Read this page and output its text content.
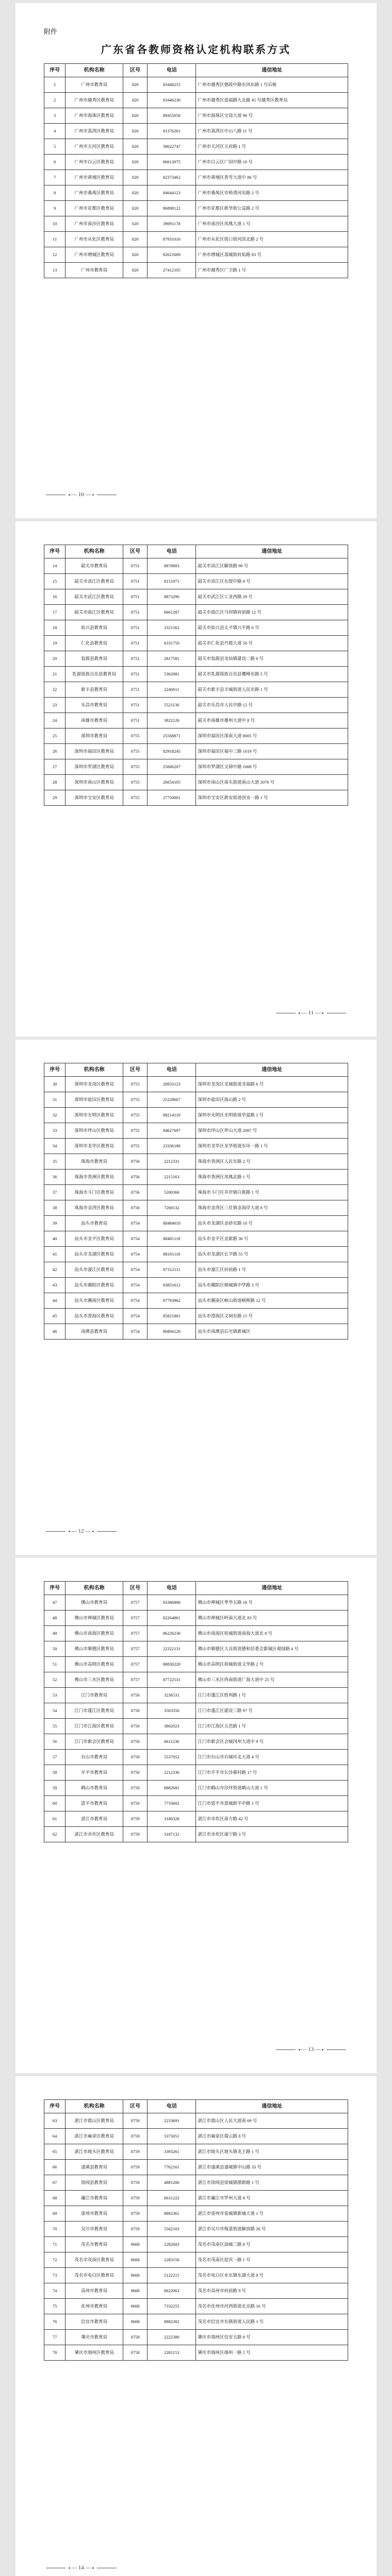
附件
广东省各教师资格认定机构联系方式
序号	机构名称	区号	电话	通信地址
1	广州市教育局	020	83448255	广州市越秀区德政中路东风东路 1 号后栋
2	广州市越秀区教育局	020	83446236	广州市越秀区盘福路大北路 45 号越秀区教育局
3	广州市海珠区教育局	020	89455058	广州市海珠区宝岗大道 90 号
4	广州市荔湾区教育局	020	81376261	广州市荔湾区中山八路 11 号
5	广州市天河区教育局	020	38622747	广州市天河区天府路 1 号
6	广州市白云区教育局	020	86613075	广州市白云区广园中路 16 号
7	广州市黄埔区教育局	020	82373462	广州市黄埔区香雪大道中 86 号
8	广州市番禺区教育局	020	84644123	广州市番禺区市桥清河东路 2 号
9	广州市花都区教育局	020	86898122	广州市花都区新华街公益路 2 号
10	广州市南沙区教育局	020	39091178	广州市南沙区凤凰大道 1 号
11	广州市从化区教育局	020	87931016	广州市从化区街口街河滨北路 2 号
12	广州市增城区教育局	020	82621669	广州市增城区荔城街府佑路 83 号
13	广州市教育局	020	27412105	广州市越秀区广卫路 1 号
— 10 —
序号	机构名称	区号	电话	通信地址
14	韶关市教育局	0751	8878803	韶关市浈江区解放路 90 号
15	韶关市浈江区教育局	0751	8151971	韶关市浈江区东堤中路 8 号
16	韶关市武江区教育局	0751	8873296	韶关市武江区工业西路 29 号
17	韶关市曲江区教育局	0751	6661287	韶关市曲江区马坝镇府前路 12 号
18	始兴县教育局	0751	3321562	韶关市始兴县太平镇兴平路 6 号
19	仁化县教育局	0751	6331750	韶关市仁化县丹霞大道 50 号
20	翁源县教育局	0751	2817581	韶关市翁源县龙仙镇建设二路 6 号
21	乳源瑶族自治县教育局	0751	5362081	韶关市乳源瑶族自治县鹰峰东路 5 号
22	新丰县教育局	0751	2246611	韶关市新丰县丰城街道人民东路 1 号
23	乐昌市教育局	0751	5521130	韶关市乐昌市人民中路 12 号
24	南雄市教育局	0751	3822126	韶关市南雄市雄州大道中 8 号
25	深圳市教育局	0755	25568871	深圳市福田区深南大道 8005 号
26	深圳市福田区教育局	0755	82918245	深圳市福田区福中三路 1019 号
27	深圳市罗湖区教育局	0755	25666207	深圳市罗湖区文锦中路 1008 号
28	深圳市南山区教育局	0755	26654105	深圳市南山区南头街道南山大道 2076 号
29	深圳市宝安区教育局	0755	27750001	深圳市宝安区新安街道创业一路 1 号
— 11 —
序号	机构名称	区号	电话	通信地址
30	深圳市龙岗区教育局	0755	28933123	深圳市龙岗区龙城街道龙福路 6 号
31	深圳市盐田区教育局	0755	25228667	深圳市盐田区海山路 2 号
32	深圳市光明区教育局	0755	88214110	深圳市光明区光明街道华夏路 1 号
33	深圳市坪山区教育局	0755	84627697	深圳市坪山区坪山大道 2007 号
34	深圳市龙华区教育局	0755	23336188	深圳市龙华区龙华街道东环一路 1 号
35	珠海市教育局	0756	2212331	珠海市香洲区人民东路 2 号
36	珠海市香洲区教育局	0756	2215163	珠海市香洲区凤凰北路 1 号
37	珠海市斗门区教育局	0756	5200366	珠海市斗门区井岸镇白蕉路 1 号
38	珠海市金湾区教育局	0756	7268132	珠海市金湾区三灶镇金海岸大道 8 号
39	汕头市教育局	0754	88484010	汕头市龙湖区金砂东路 10 号
40	汕头市金平区教育局	0754	88481118	汕头市金平区金新路 36 号
41	汕头市龙湖区教育局	0754	88181116	汕头市龙湖区长平路 55 号
42	汕头市濠江区教育局	0754	87312111	汕头市濠江区府前路 1 号
43	汕头市潮阳区教育局	0754	83831612	汕头市潮阳区棉城镇中华路 3 号
44	汕头市潮南区教育局	0754	87793962	汕头市潮南区峡山街道峡晖路 12 号
45	汕头市澄海区教育局	0754	85821881	汕头市澄海区文祠东路 15 号
46	南澳县教育局	0754	86804126	汕头市南澳县后宅镇新城区
— 12 —
序号	机构名称	区号	电话	通信地址
47	佛山市教育局	0757	83386806	佛山市禅城区季华五路 18 号
48	佛山市禅城区教育局	0757	82264861	佛山市禅城区岭南大道北 83 号
49	佛山市南海区教育局	0757	86226236	佛山市南海区桂城街道南海大道北 8 号
50	佛山市顺德区教育局	0757	22322131	佛山市顺德区大良街道德和居委会新城区观绿路 4 号
51	佛山市高明区教育局	0757	88830220	佛山市高明区荷城街道文华路 2 号
52	佛山市三水区教育局	0757	87722531	佛山市三水区西南街道广海大道中 25 号
53	江门市教育局	0750	3236531	江门市蓬江区胜利路 1 号
54	江门市蓬江区教育局	0750	3503356	江门市蓬江区建设三路 97 号
55	江门市江海区教育局	0750	3862023	江门市江海区五邑路 1 号
56	江门市新会区教育局	0750	6611236	江门市新会区会城冈州大道中 9 号
57	台山市教育局	0750	5537052	江门市台山市台城环北大道 4 号
58	开平市教育局	0750	2212336	江门市开平市长沙幕村路 17 号
59	鹤山市教育局	0750	8882681	江门市鹤山市沙坪街道鹤山大道 1 号
60	恩平市教育局	0750	7733602	江门市恩平市恩城新平中路 1 号
61	湛江市教育局	0759	3180328	湛江市赤坎区南方路 42 号
62	湛江市赤坎区教育局	0759	3187132	湛江市赤坎区康宁路 3 号
— 13 —
序号	机构名称	区号	电话	通信地址
63	湛江市霞山区教育局	0759	2233691	湛江市霞山区人民大道南 69 号
64	湛江市麻章区教育局	0759	3373051	湛江市麻章区瑞云路 8 号
65	湛江市坡头区教育局	0759	3393261	湛江市坡头区坡头镇龙王路 1 号
66	遂溪县教育局	0759	7762161	湛江市遂溪县遂城镇中山路 33 号
67	徐闻县教育局	0759	4881206	湛江市徐闻县徐城镇德新路 1 号
68	廉江市教育局	0759	6631222	湛江市廉江市罗州大道 8 号
69	雷州市教育局	0759	8882361	湛江市雷州市雷城镇新城大道 1 号
70	吴川市教育局	0759	5562103	湛江市吴川市梅菉街道解放路 26 号
71	茂名市教育局	0668	2282603	茂名市茂南区油城三路 8 号
72	茂名市茂南区教育局	0668	2283156	茂名市茂南区迎宾一路 1 号
73	茂名市电白区教育局	0668	5122215	茂名市电白区水东镇东湖大道 8 号
74	高州市教育局	0668	6622063	茂名市高州市府前路 9 号
75	化州市教育局	0668	7332255	茂名市化州市河西街道北京路 16 号
76	信宜市教育局	0668	8882302	茂名市信宜市东镇街道人民路 1 号
77	肇庆市教育局	0758	2222380	肇庆市端州区信安五路 8 号
78	肇庆市端州区教育局	0758	2281153	肇庆市端州区端州一路 5 号
— 14 —
